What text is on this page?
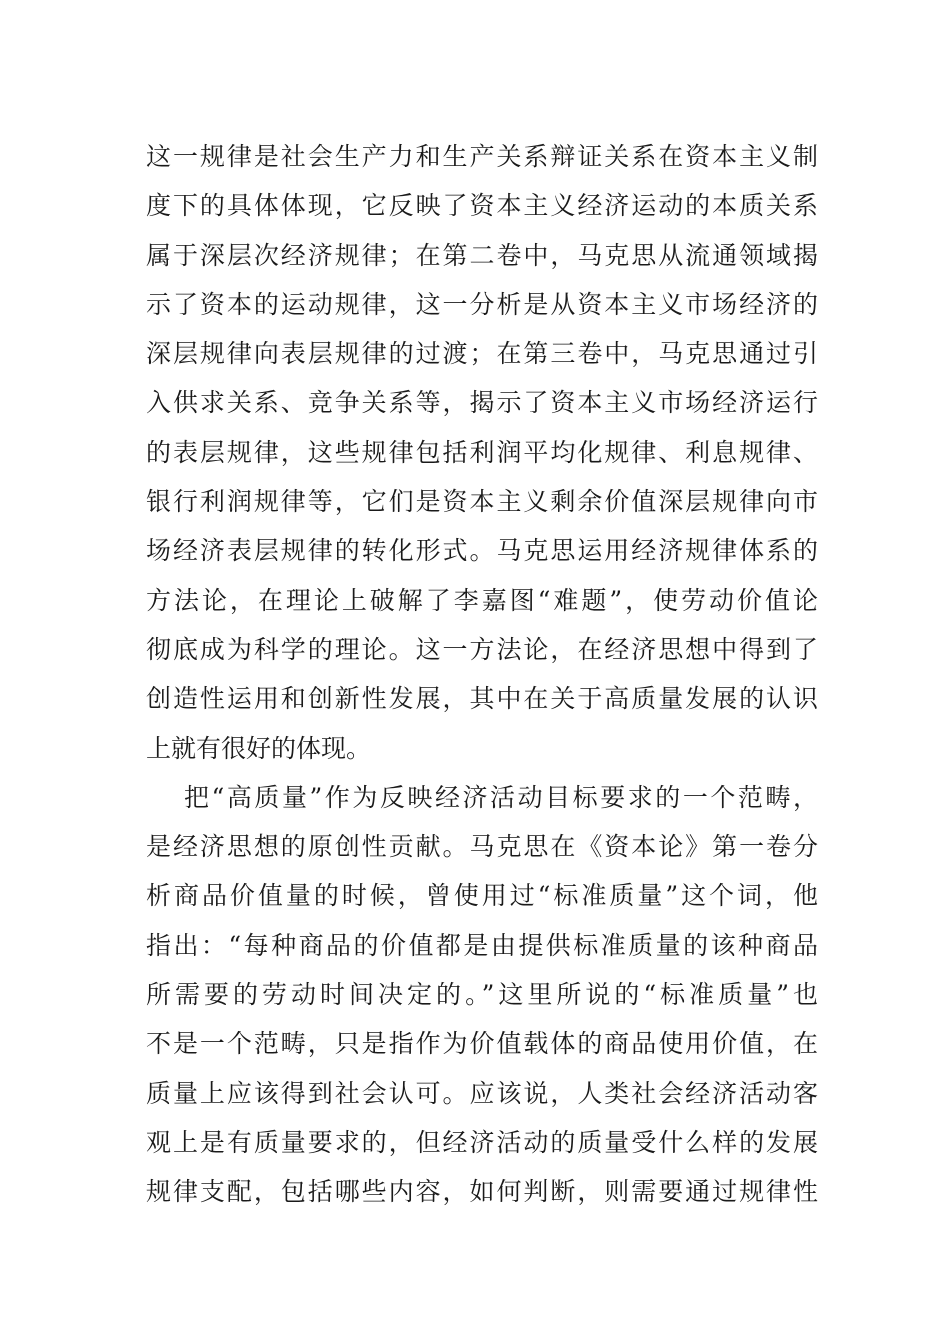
这一规律是社会生产力和生产关系辩证关系在资本主义制
度下的具体体现，它反映了资本主义经济运动的本质关系
属于深层次经济规律；在第二卷中，马克思从流通领域揭
示了资本的运动规律，这一分析是从资本主义市场经济的
深层规律向表层规律的过渡；在第三卷中，马克思通过引
入供求关系、竞争关系等，揭示了资本主义市场经济运行
的表层规律，这些规律包括利润平均化规律、利息规律、
银行利润规律等，它们是资本主义剩余价值深层规律向市
场经济表层规律的转化形式。马克思运用经济规律体系的
方法论，在理论上破解了李嘉图“难题”，使劳动价值论
彻底成为科学的理论。这一方法论，在经济思想中得到了
创造性运用和创新性发展，其中在关于高质量发展的认识
上就有很好的体现。
把“高质量”作为反映经济活动目标要求的一个范畴，
是经济思想的原创性贡献。马克思在《资本论》第一卷分
析商品价值量的时候，曾使用过“标准质量”这个词，他
指出：“每种商品的价值都是由提供标准质量的该种商品
所需要的劳动时间决定的。”这里所说的“标准质量”也
不是一个范畴，只是指作为价值载体的商品使用价值，在
质量上应该得到社会认可。应该说，人类社会经济活动客
观上是有质量要求的，但经济活动的质量受什么样的发展
规律支配，包括哪些内容，如何判断，则需要通过规律性
